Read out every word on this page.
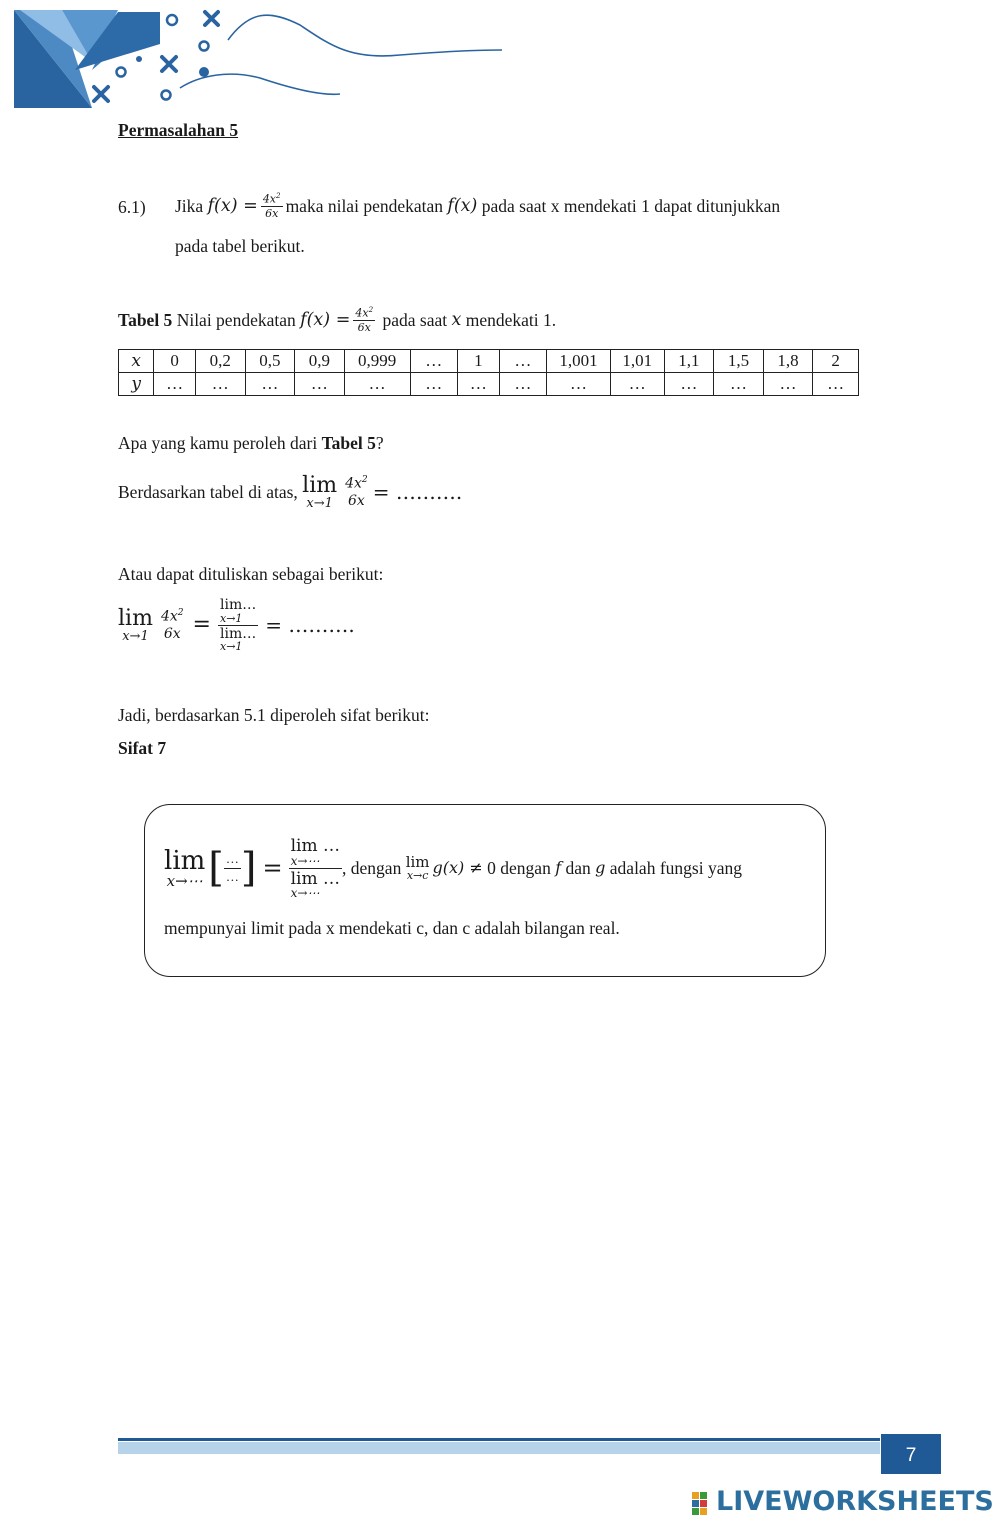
Permasalahan 5
6.1) Jika
$f(x) = \frac{4x^2}{6x}$ maka nilai pendekatan
f(x)
pada saat x mendekati 1 dapat ditunjukkan
pada tabel berikut.
Tabel 5
Nilai pendekatan
$f(x) = \frac{4x^2}{6x}$
pada saat
x
mendekati 1.
x	0	0,2	0,5	0,9	0,999	…	1	…	1,001	1,01	1,1	1,5	1,8	2
y	…	…	…	…	…	…	…	…	…	…	…	…	…	…
Apa yang kamu peroleh dari Tabel 5?
Berdasarkan tabel di atas,
lim
x→1
$4x^2$
6x = ……….
Atau dapat dituliskan sebagai berikut:
lim
x→1
$4x^2$
6x = lim…
x→1
lim…
x→1 = ……….
Jadi, berdasarkan 5.1 diperoleh sifat berikut:
Sifat 7
lim
x→⋯ [ $\frac{\dots}{\dots}$ ] = lim …
x→⋯
lim …
x→⋯ , dengan
lim
x→c g(x) ≠
0 dengan
f
dan
g
adalah fungsi yang
mempunyai limit pada x mendekati c, dan c adalah bilangan real.
7
LIVEWORKSHEETS
